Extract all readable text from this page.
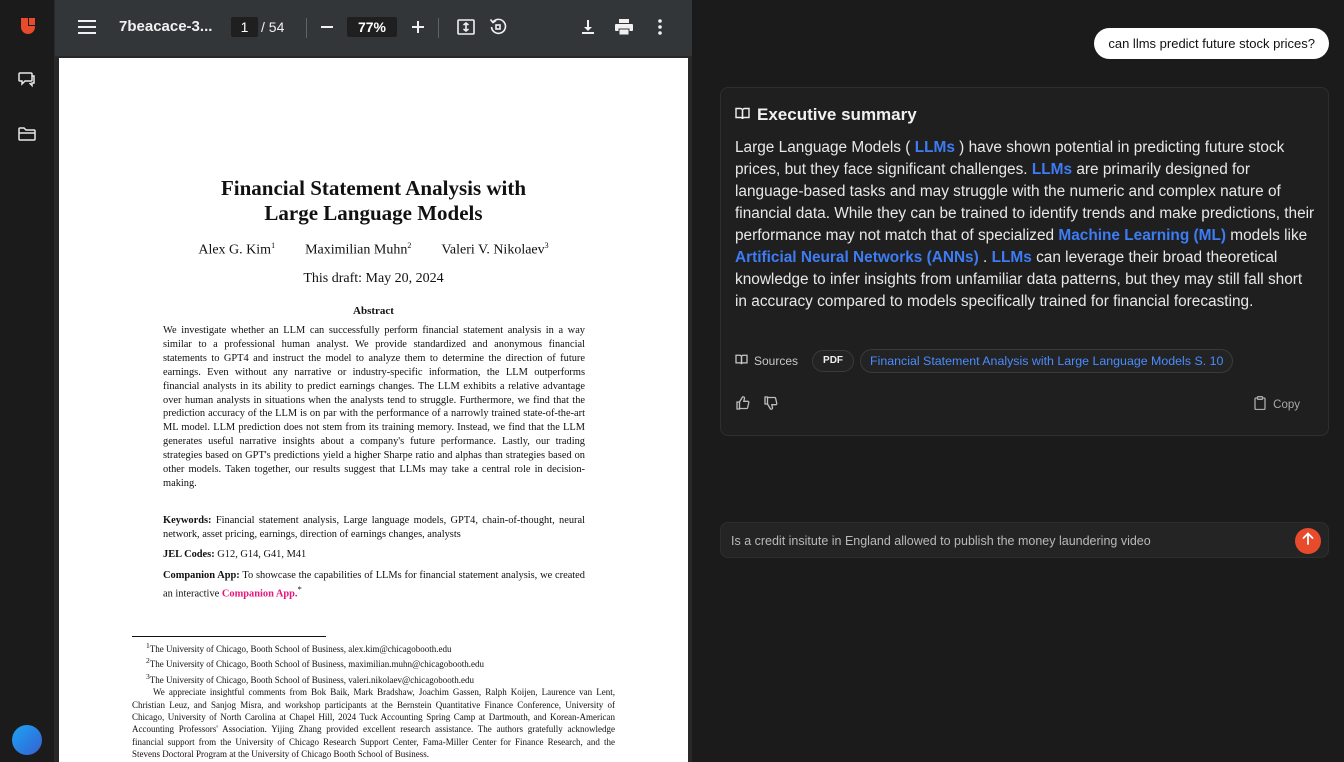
7beacace-3...	1 / 54	77%
Financial Statement Analysis with
Large Language Models
Alex G. Kim$^1$ Maximilian Muhn$^2$ Valeri V. Nikolaev$^3$
This draft: May 20, 2024
Abstract
We investigate whether an LLM can successfully perform financial statement analysis in a way similar to a professional human analyst. We provide standardized and anonymous financial statements to GPT4 and instruct the model to analyze them to determine the direction of future earnings. Even without any narrative or industry-specific information, the LLM outperforms financial analysts in its ability to predict earnings changes. The LLM exhibits a relative advantage over human analysts in situations when the analysts tend to struggle. Furthermore, we find that the prediction accuracy of the LLM is on par with the performance of a narrowly trained state-of-the-art ML model. LLM prediction does not stem from its training memory. Instead, we find that the LLM generates useful narrative insights about a company's future performance. Lastly, our trading strategies based on GPT's predictions yield a higher Sharpe ratio and alphas than strategies based on other models. Taken together, our results suggest that LLMs may take a central role in decision-making.
Keywords: Financial statement analysis, Large language models, GPT4, chain-of-thought, neural network, asset pricing, earnings, direction of earnings changes, analysts
JEL Codes: G12, G14, G41, M41
Companion App: To showcase the capabilities of LLMs for financial statement analysis, we created an interactive Companion App.*
$^1$The University of Chicago, Booth School of Business, alex.kim@chicagobooth.edu
$^2$The University of Chicago, Booth School of Business, maximilian.muhn@chicagobooth.edu
$^3$The University of Chicago, Booth School of Business, valeri.nikolaev@chicagobooth.edu
We appreciate insightful comments from Bok Baik, Mark Bradshaw, Joachim Gassen, Ralph Koijen, Laurence van Lent, Christian Leuz, and Sanjog Misra, and workshop participants at the Bernstein Quantitative Finance Conference, University of Chicago, University of North Carolina at Chapel Hill, 2024 Tuck Accounting Spring Camp at Dartmouth, and Korean-American Accounting Professors' Association. Yijing Zhang provided excellent research assistance. The authors gratefully acknowledge financial support from the University of Chicago Research Support Center, Fama-Miller Center for Finance Research, and the Stevens Doctoral Program at the University of Chicago Booth School of Business.
can llms predict future stock prices?
Executive summary
Large Language Models ( LLMs ) have shown potential in predicting future stock prices, but they face significant challenges. LLMs are primarily designed for language-based tasks and may struggle with the numeric and complex nature of financial data. While they can be trained to identify trends and make predictions, their performance may not match that of specialized Machine Learning (ML) models like Artificial Neural Networks (ANNs) . LLMs can leverage their broad theoretical knowledge to infer insights from unfamiliar data patterns, but they may still fall short in accuracy compared to models specifically trained for financial forecasting.
Sources	PDF	Financial Statement Analysis with Large Language Models S. 10
Copy
Is a credit insitute in England allowed to publish the money laundering video
